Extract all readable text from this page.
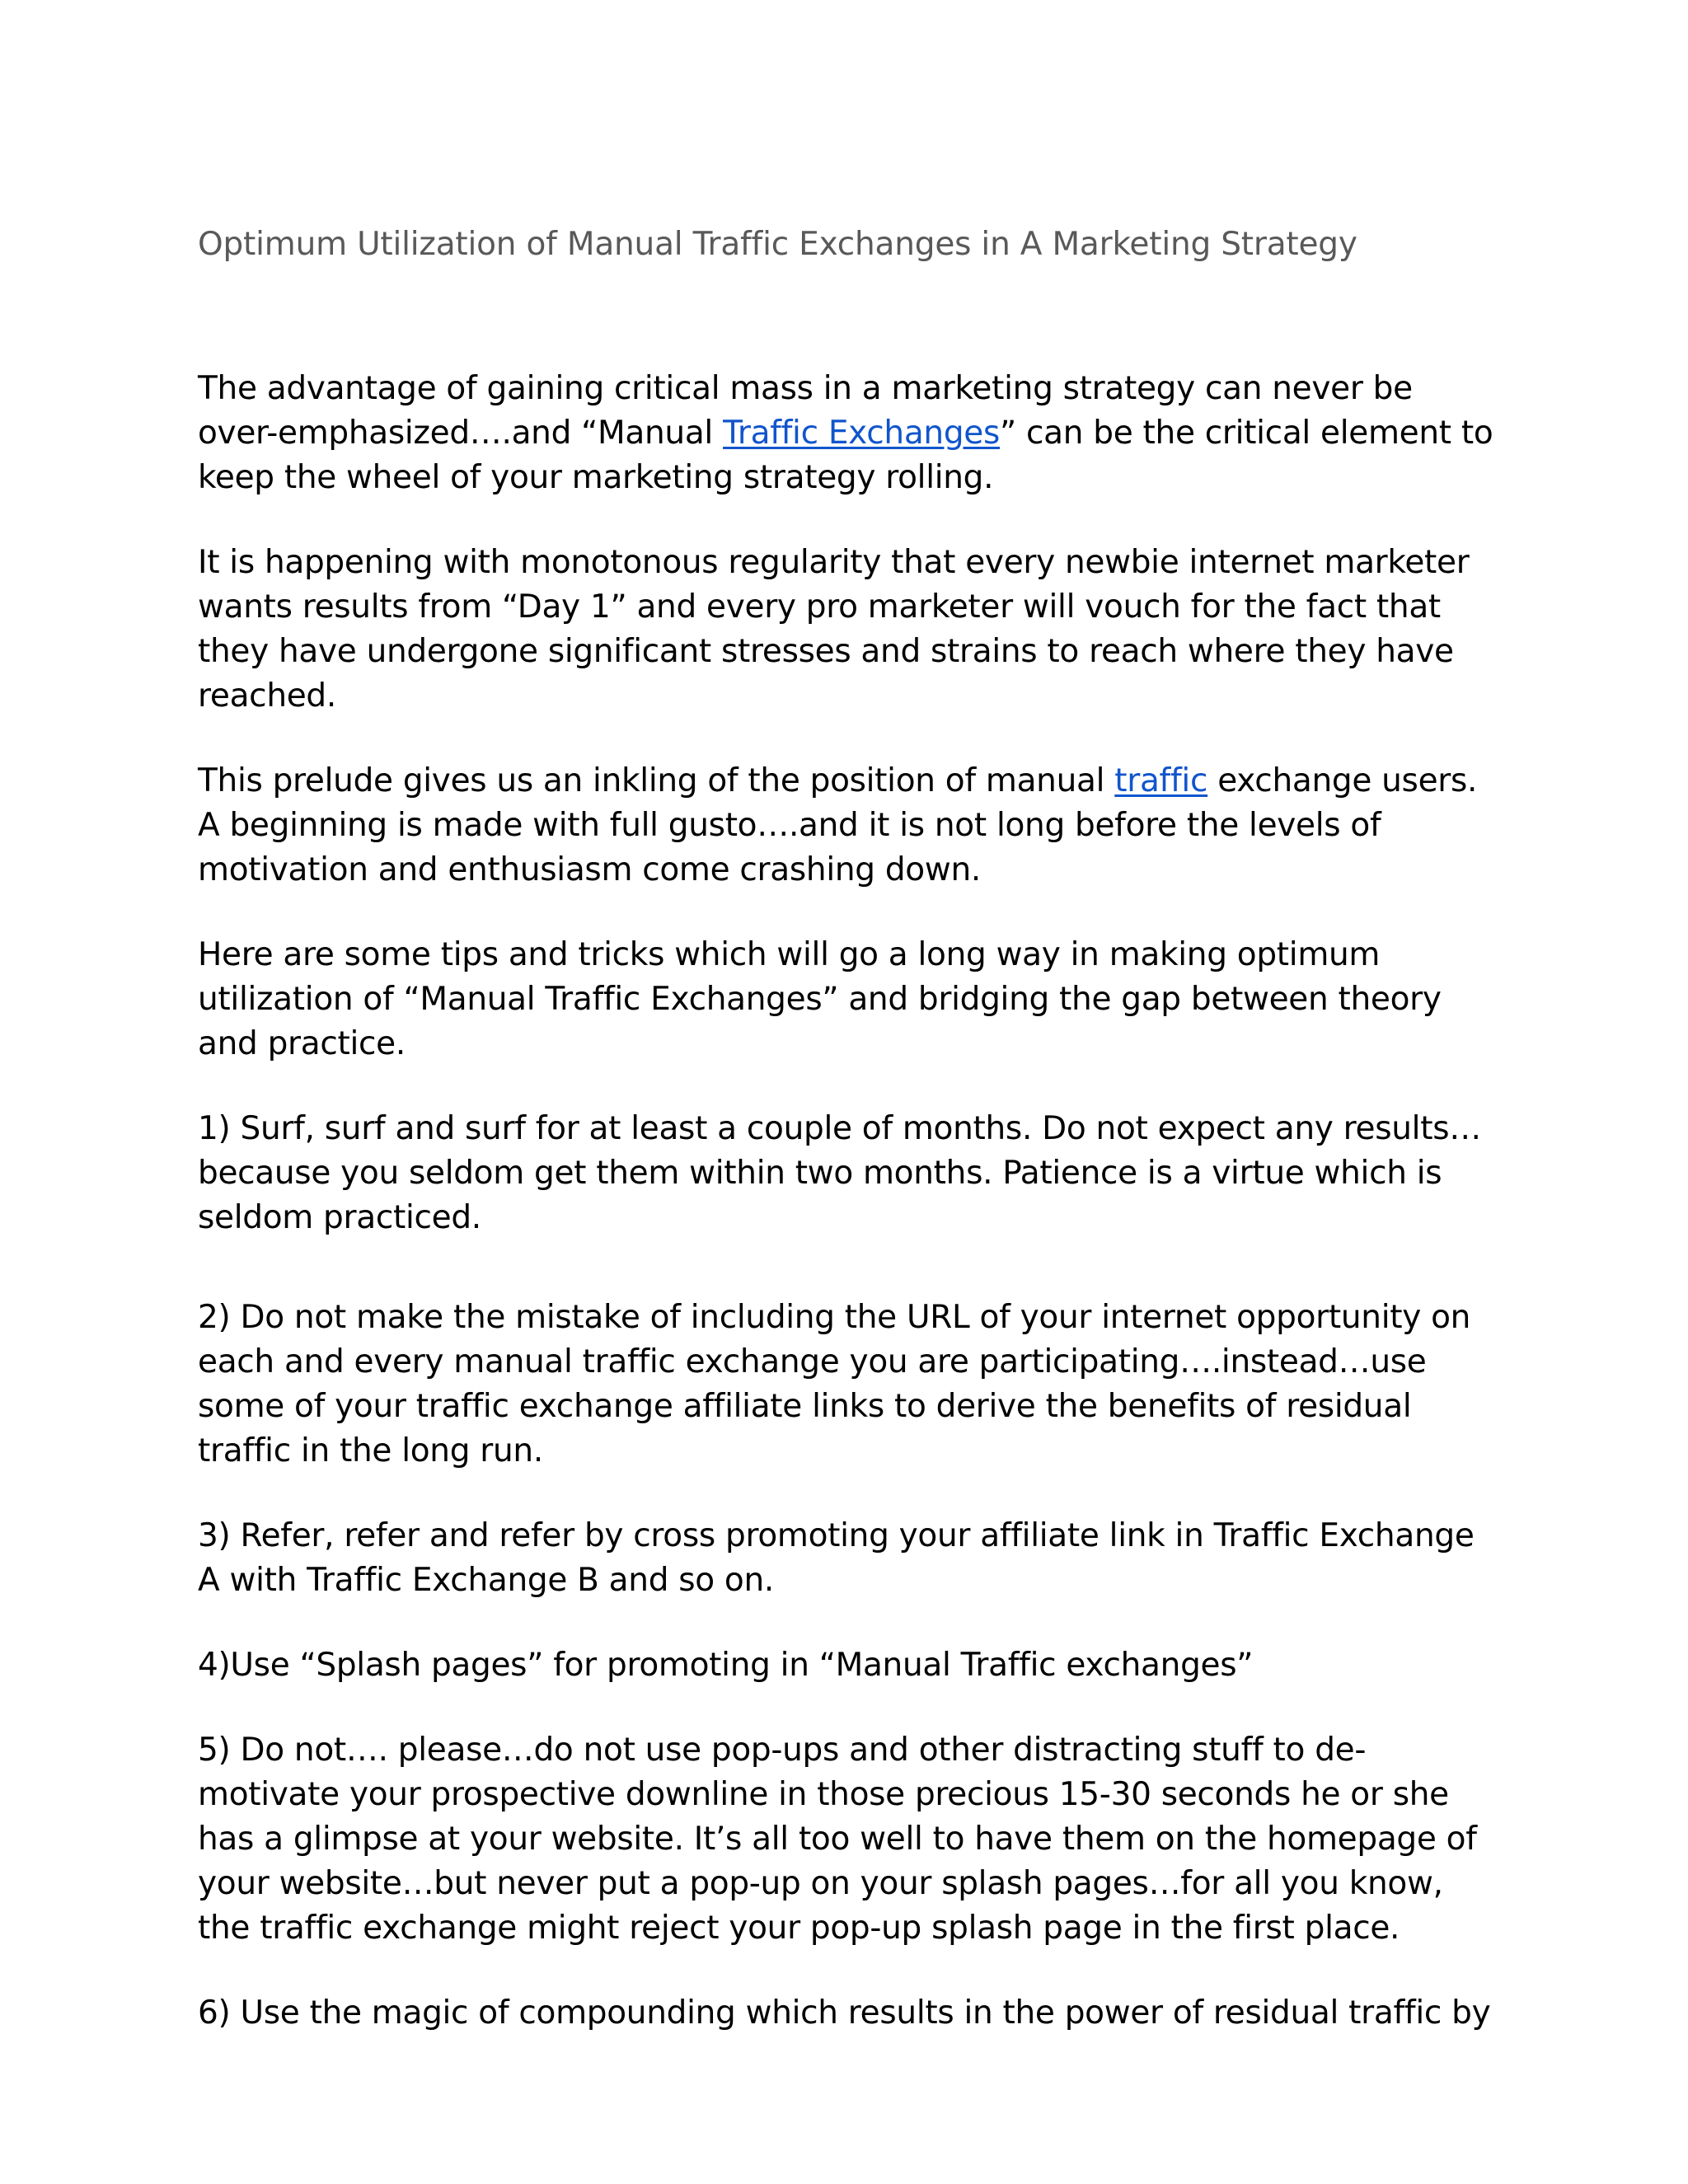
Optimum Utilization of Manual Traffic Exchanges in A Marketing Strategy

The advantage of gaining critical mass in a marketing strategy can never be over-emphasized….and “Manual Traffic Exchanges” can be the critical element to keep the wheel of your marketing strategy rolling.

It is happening with monotonous regularity that every newbie internet marketer wants results from “Day 1” and every pro marketer will vouch for the fact that they have undergone significant stresses and strains to reach where they have reached.

This prelude gives us an inkling of the position of manual traffic exchange users. A beginning is made with full gusto….and it is not long before the levels of motivation and enthusiasm come crashing down.

Here are some tips and tricks which will go a long way in making optimum utilization of “Manual Traffic Exchanges” and bridging the gap between theory and practice.

1) Surf, surf and surf for at least a couple of months. Do not expect any results…because you seldom get them within two months. Patience is a virtue which is seldom practiced.

2) Do not make the mistake of including the URL of your internet opportunity on each and every manual traffic exchange you are participating….instead…use some of your traffic exchange affiliate links to derive the benefits of residual traffic in the long run.

3) Refer, refer and refer by cross promoting your affiliate link in Traffic Exchange A with Traffic Exchange B and so on.

4)Use “Splash pages” for promoting in “Manual Traffic exchanges”

5) Do not…. please…do not use pop-ups and other distracting stuff to de-motivate your prospective downline in those precious 15-30 seconds he or she has a glimpse at your website. It’s all too well to have them on the homepage of your website…but never put a pop-up on your splash pages…for all you know, the traffic exchange might reject your pop-up splash page in the first place.

6) Use the magic of compounding which results in the power of residual traffic by
